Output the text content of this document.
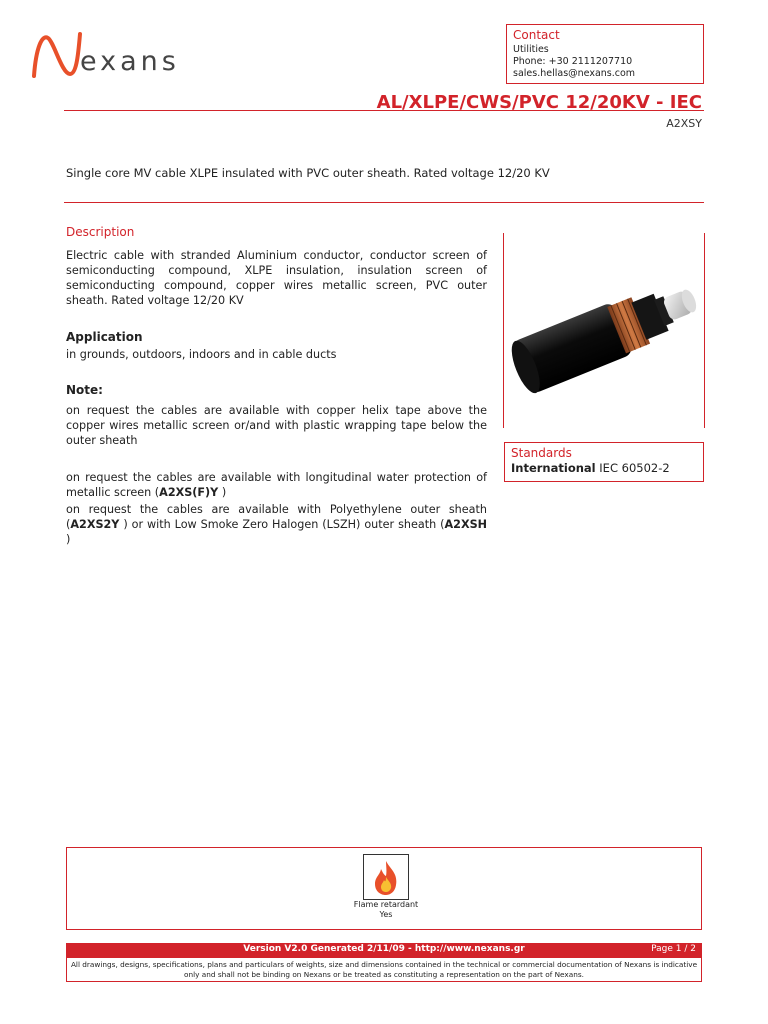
exans
Contact
Utilities
Phone: +30 2111207710
sales.hellas@nexans.com
AL/XLPE/CWS/PVC 12/20KV - IEC
A2XSY
Single core MV cable XLPE insulated with PVC outer sheath. Rated voltage 12/20 KV
Description
Electric cable with stranded Aluminium conductor, conductor screen of semiconducting compound, XLPE insulation, insulation screen of semiconducting compound, copper wires metallic screen, PVC outer sheath. Rated voltage 12/20 KV
Application
in grounds, outdoors, indoors and in cable ducts
Note:
on request the cables are available with copper helix tape above the copper wires metallic screen or/and with plastic wrapping tape below the outer sheath
on request the cables are available with longitudinal water protection of metallic screen (A2XS(F)Y )
on request the cables are available with Polyethylene outer sheath (A2XS2Y ) or with Low Smoke Zero Halogen (LSZH) outer sheath (A2XSH )
Standards
International IEC 60502-2
Flame retardant
Yes
Version V2.0 Generated 2/11/09 - http://www.nexans.gr	Page 1 / 2
All drawings, designs, specifications, plans and particulars of weights, size and dimensions contained in the technical or commercial documentation of Nexans is indicative only and shall not be binding on Nexans or be treated as constituting a representation on the part of Nexans.
